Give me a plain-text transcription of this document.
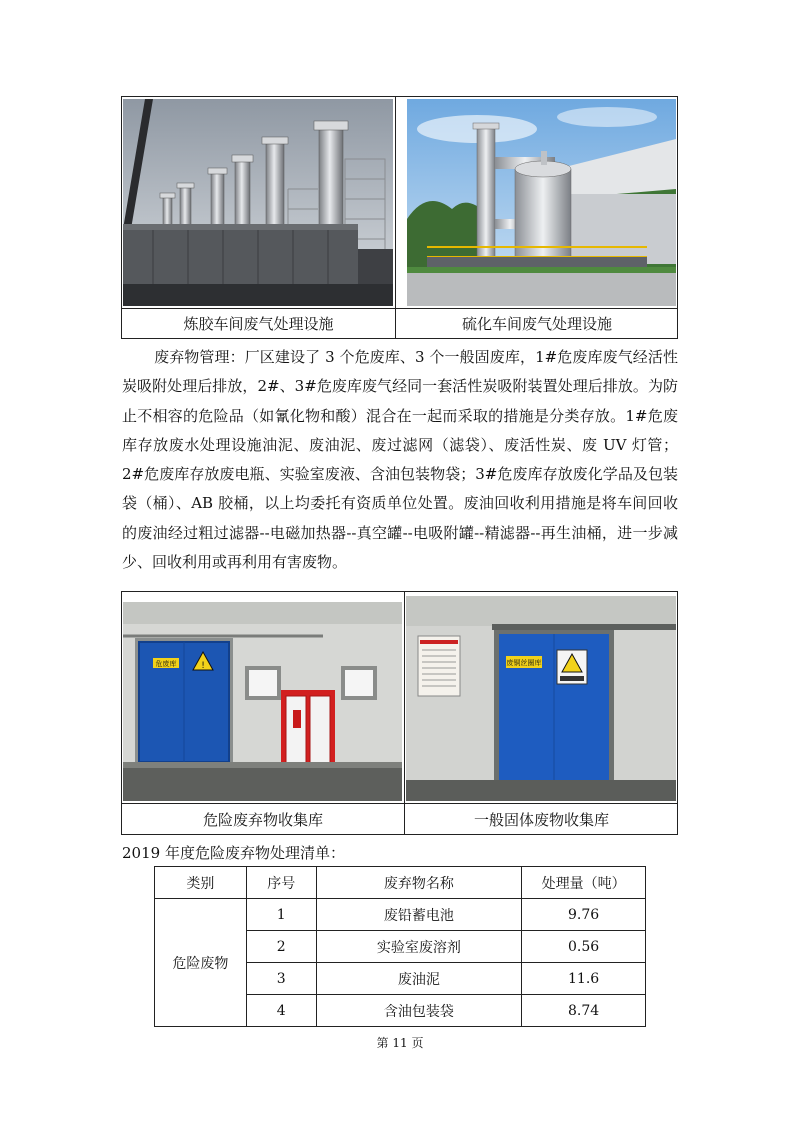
炼胶车间废气处理设施	硫化车间废气处理设施
废弃物管理：厂区建设了 3 个危废库、3 个一般固废库，1#危废库废气经活性炭吸附处理后排放，2#、3#危废库废气经同一套活性炭吸附装置处理后排放。为防止不相容的危险品（如氰化物和酸）混合在一起而采取的措施是分类存放。1#危废库存放废水处理设施油泥、废油泥、废过滤网（滤袋）、废活性炭、废 UV 灯管；2#危废库存放废电瓶、实验室废液、含油包装物袋；3#危废库存放废化学品及包装袋（桶）、AB 胶桶，以上均委托有资质单位处置。废油回收利用措施是将车间回收的废油经过粗过滤器--电磁加热器--真空罐--电吸附罐--精滤器--再生油桶，进一步减少、回收利用或再利用有害废物。
危废库	!	废铜丝圈库
危险废弃物收集库	一般固体废物收集库
2019 年度危险废弃物处理清单：
类别	序号	废弃物名称	处理量（吨）
危险废物	1	废铅蓄电池	9.76
	2	实验室废溶剂	0.56
	3	废油泥	11.6
	4	含油包装袋	8.74
第 11 页
